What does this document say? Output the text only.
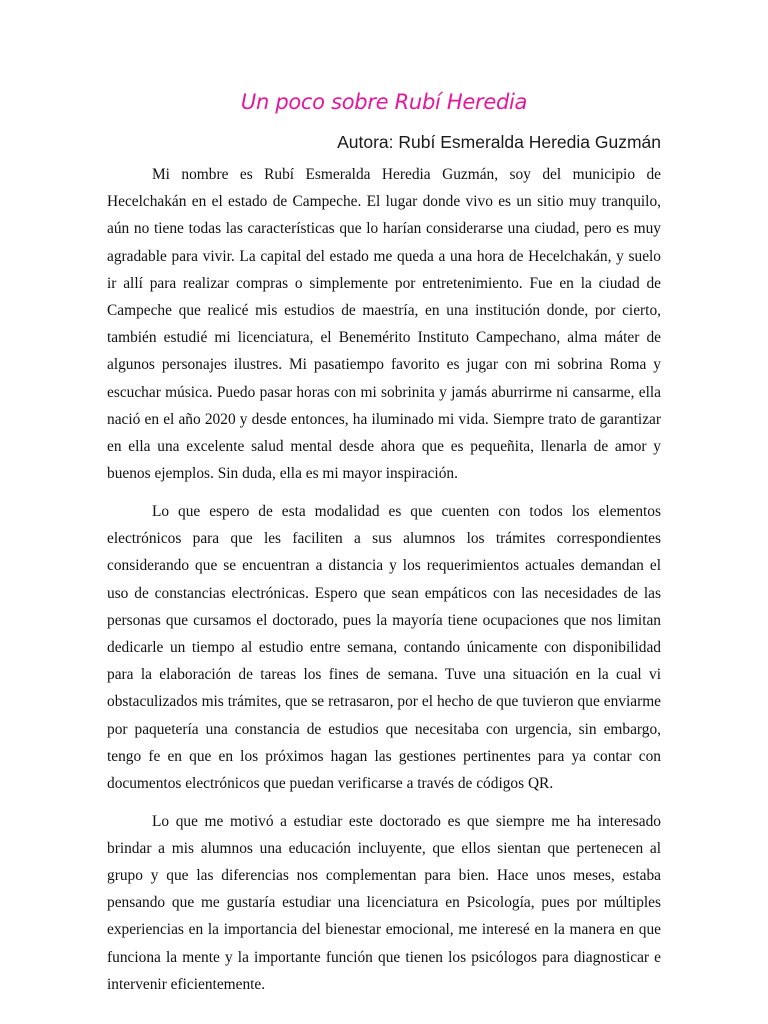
Un poco sobre Rubí Heredia

Autora: Rubí Esmeralda Heredia Guzmán

Mi nombre es Rubí Esmeralda Heredia Guzmán, soy del municipio de Hecelchakán en el estado de Campeche. El lugar donde vivo es un sitio muy tranquilo, aún no tiene todas las características que lo harían considerarse una ciudad, pero es muy agradable para vivir. La capital del estado me queda a una hora de Hecelchakán, y suelo ir allí para realizar compras o simplemente por entretenimiento. Fue en la ciudad de Campeche que realicé mis estudios de maestría, en una institución donde, por cierto, también estudié mi licenciatura, el Benemérito Instituto Campechano, alma máter de algunos personajes ilustres. Mi pasatiempo favorito es jugar con mi sobrina Roma y escuchar música. Puedo pasar horas con mi sobrinita y jamás aburrirme ni cansarme, ella nació en el año 2020 y desde entonces, ha iluminado mi vida. Siempre trato de garantizar en ella una excelente salud mental desde ahora que es pequeñita, llenarla de amor y buenos ejemplos. Sin duda, ella es mi mayor inspiración.

Lo que espero de esta modalidad es que cuenten con todos los elementos electrónicos para que les faciliten a sus alumnos los trámites correspondientes considerando que se encuentran a distancia y los requerimientos actuales demandan el uso de constancias electrónicas. Espero que sean empáticos con las necesidades de las personas que cursamos el doctorado, pues la mayoría tiene ocupaciones que nos limitan dedicarle un tiempo al estudio entre semana, contando únicamente con disponibilidad para la elaboración de tareas los fines de semana. Tuve una situación en la cual vi obstaculizados mis trámites, que se retrasaron, por el hecho de que tuvieron que enviarme por paquetería una constancia de estudios que necesitaba con urgencia, sin embargo, tengo fe en que en los próximos hagan las gestiones pertinentes para ya contar con documentos electrónicos que puedan verificarse a través de códigos QR.

Lo que me motivó a estudiar este doctorado es que siempre me ha interesado brindar a mis alumnos una educación incluyente, que ellos sientan que pertenecen al grupo y que las diferencias nos complementan para bien. Hace unos meses, estaba pensando que me gustaría estudiar una licenciatura en Psicología, pues por múltiples experiencias en la importancia del bienestar emocional, me interesé en la manera en que funciona la mente y la importante función que tienen los psicólogos para diagnosticar e intervenir eficientemente.
